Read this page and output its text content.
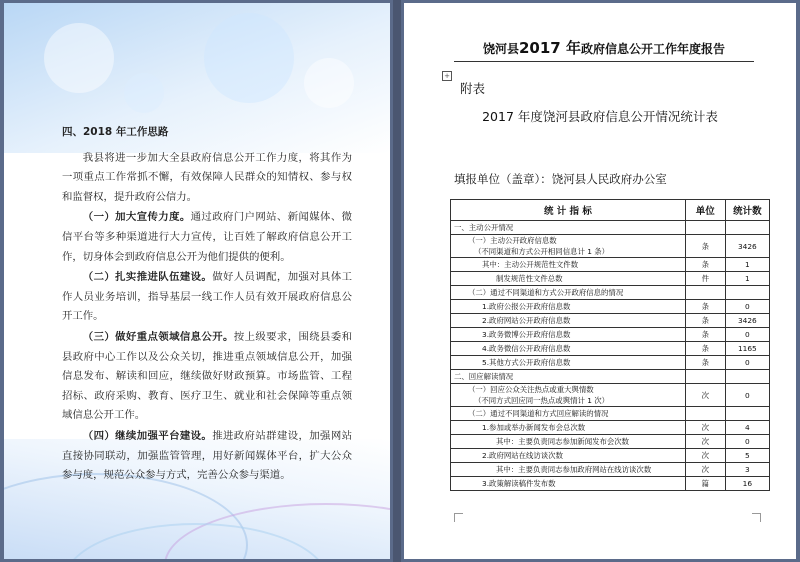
四、2018 年工作思路

我县将进一步加大全县政府信息公开工作力度，将其作为一项重点工作常抓不懈，有效保障人民群众的知情权、参与权和监督权，提升政府公信力。

（一）加大宣传力度。通过政府门户网站、新闻媒体、微信平台等多种渠道进行大力宣传，让百姓了解政府信息公开工作，切身体会到政府信息公开为他们提供的便利。

（二）扎实推进队伍建设。做好人员调配，加强对具体工作人员业务培训，指导基层一线工作人员有效开展政府信息公开工作。

（三）做好重点领域信息公开。按上级要求，围绕县委和县政府中心工作以及公众关切，推进重点领域信息公开，加强信息发布、解读和回应，继续做好财政预算。市场监管、工程招标、政府采购、教育、医疗卫生、就业和社会保障等重点领域信息公开工作。

（四）继续加强平台建设。推进政府站群建设，加强网站直接协同联动，加强监管管理，用好新闻媒体平台，扩大公众参与度，规范公众参与方式，完善公众参与渠道。

饶河县2017 年政府信息公开工作年度报告
+
附表
2017 年度饶河县政府信息公开情况统计表
填报单位（盖章）：饶河县人民政府办公室
统 计 指 标	单位	统计数

一、主动公开情况		

（一）主动公开政府信息数
（不同渠道和方式公开相同信息计 1 条）	条	3426

其中：主动公开规范性文件数	条	1

制发规范性文件总数	件	1

（二）通过不同渠道和方式公开政府信息的情况		

1.政府公报公开政府信息数	条	0

2.政府网站公开政府信息数	条	3426

3.政务微博公开政府信息数	条	0

4.政务微信公开政府信息数	条	1165

5.其他方式公开政府信息数	条	0

二、回应解读情况		

（一）回应公众关注热点或重大舆情数
（不同方式回应同一热点或舆情计 1 次）	次	0

（二）通过不同渠道和方式回应解读的情况		

1.参加或举办新闻发布会总次数	次	4

其中：主要负责同志参加新闻发布会次数	次	0

2.政府网站在线访谈次数	次	5

其中：主要负责同志参加政府网站在线访谈次数	次	3

3.政策解读稿件发布数	篇	16
